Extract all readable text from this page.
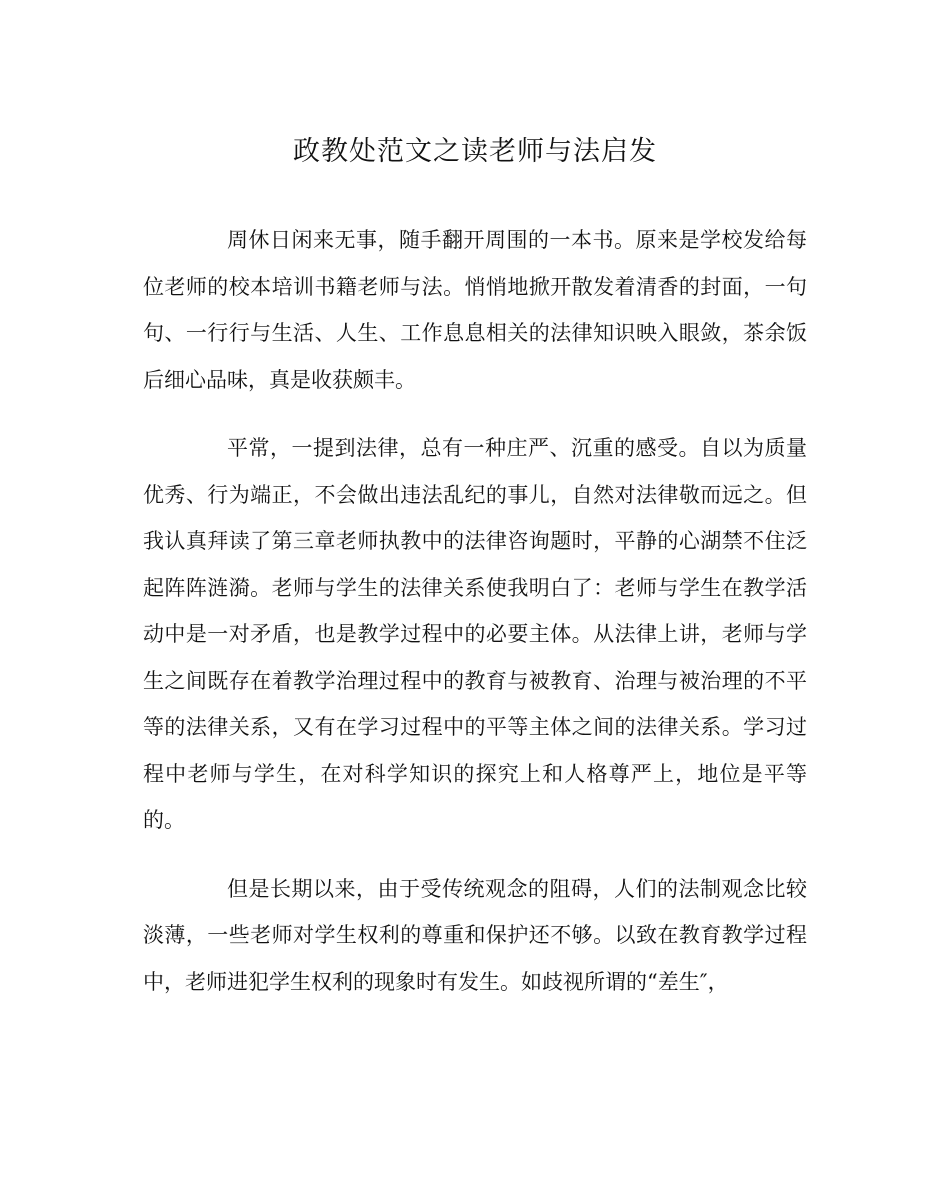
政教处范文之读老师与法启发

周休日闲来无事，随手翻开周围的一本书。原来是学校发给每位老师的校本培训书籍老师与法。悄悄地掀开散发着清香的封面，一句句、一行行与生活、人生、工作息息相关的法律知识映入眼敛，茶余饭后细心品味，真是收获颇丰。

平常，一提到法律，总有一种庄严、沉重的感受。自以为质量优秀、行为端正，不会做出违法乱纪的事儿，自然对法律敬而远之。但我认真拜读了第三章老师执教中的法律咨询题时，平静的心湖禁不住泛起阵阵涟漪。老师与学生的法律关系使我明白了：老师与学生在教学活动中是一对矛盾，也是教学过程中的必要主体。从法律上讲，老师与学生之间既存在着教学治理过程中的教育与被教育、治理与被治理的不平等的法律关系，又有在学习过程中的平等主体之间的法律关系。学习过程中老师与学生，在对科学知识的探究上和人格尊严上，地位是平等的。

但是长期以来，由于受传统观念的阻碍，人们的法制观念比较淡薄，一些老师对学生权利的尊重和保护还不够。以致在教育教学过程中，老师进犯学生权利的现象时有发生。如歧视所谓的“差生″，
